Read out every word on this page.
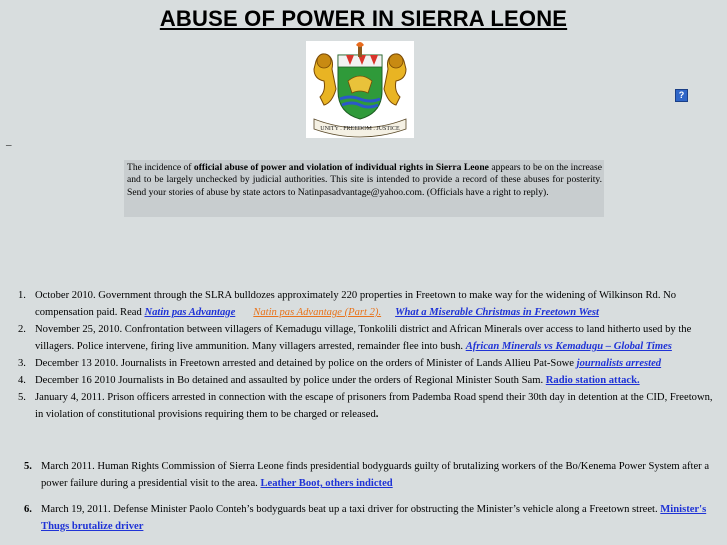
ABUSE OF POWER IN SIERRA LEONE
UNITY . FREEDOM . JUSTICE
?
–
The incidence of official abuse of power and violation of individual rights in Sierra Leone appears to be on the increase and to be largely unchecked by judicial authorities. This site is intended to provide a record of these abuses for posterity. Send your stories of abuse by state actors to Natinpasadvantage@yahoo.com. (Officials have a right to reply).
1. October 2010. Government through the SLRA bulldozes approximately 220 properties in Freetown to make way for the widening of Wilkinson Rd. No compensation paid. Read Natin pas Advantage Natin pas Advantage (Part 2). What a Miserable Christmas in Freetown West
2. November 25, 2010. Confrontation between villagers of Kemadugu village, Tonkolili district and African Minerals over access to land hitherto used by the villagers. Police intervene, firing live ammunition. Many villagers arrested, remainder flee into bush. African Minerals vs Kemadugu – Global Times
3. December 13 2010. Journalists in Freetown arrested and detained by police on the orders of Minister of Lands Allieu Pat-Sowe journalists arrested
4. December 16 2010 Journalists in Bo detained and assaulted by police under the orders of Regional Minister South Sam. Radio station attack.
5. January 4, 2011. Prison officers arrested in connection with the escape of prisoners from Pademba Road spend their 30th day in detention at the CID, Freetown, in violation of constitutional provisions requiring them to be charged or released.
5. March 2011. Human Rights Commission of Sierra Leone finds presidential bodyguards guilty of brutalizing workers of the Bo/Kenema Power System after a power failure during a presidential visit to the area. Leather Boot, others indicted
6. March 19, 2011. Defense Minister Paolo Conteh’s bodyguards beat up a taxi driver for obstructing the Minister’s vehicle along a Freetown street. Minister's Thugs brutalize driver
